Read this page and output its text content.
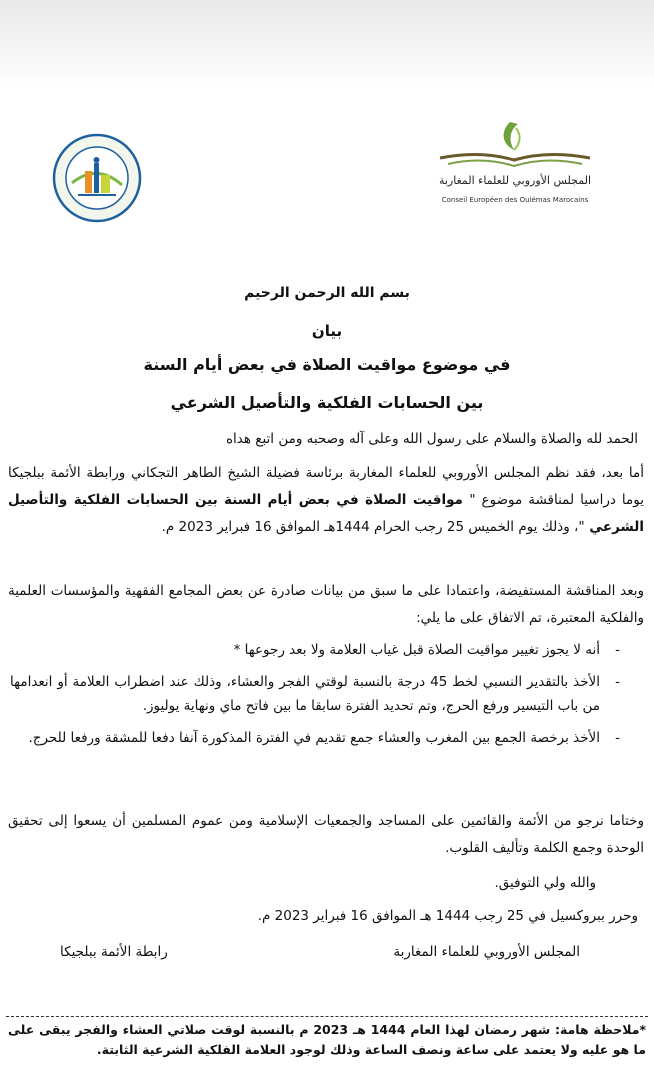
المجلس الأوروبي للعلماء المغاربة
Conseil Européen des Oulémas Marocains
بسم الله الرحمن الرحيم
بيان
في موضوع مواقيت الصلاة في بعض أيام السنة
بين الحسابات الفلكية والتأصيل الشرعي
الحمد لله والصلاة والسلام على رسول الله وعلى آله وصحبه ومن اتبع هداه
أما بعد، فقد نظم المجلس الأوروبي للعلماء المغاربة برئاسة فضيلة الشيخ الطاهر التجكاني ورابطة الأئمة ببلجيكا يوما دراسيا لمناقشة موضوع " مواقيت الصلاة في بعض أيام السنة بين الحسابات الفلكية والتأصيل الشرعي "، وذلك يوم الخميس 25 رجب الحرام 1444هـ الموافق 16 فبراير 2023 م.
وبعد المناقشة المستفيضة، واعتمادا على ما سبق من بيانات صادرة عن بعض المجامع الفقهية والمؤسسات العلمية والفلكية المعتبرة، تم الاتفاق على ما يلي:
- أنه لا يجوز تغيير مواقيت الصلاة قبل غياب العلامة ولا بعد رجوعها *
- الأخذ بالتقدير النسبي لخط 45 درجة بالنسبة لوقتي الفجر والعشاء، وذلك عند اضطراب العلامة أو انعدامها من باب التيسير ورفع الحرج، وتم تحديد الفترة سابقا ما بين فاتح ماي ونهاية يوليوز.
- الأخذ برخصة الجمع بين المغرب والعشاء جمع تقديم في الفترة المذكورة آنفا دفعا للمشقة ورفعا للحرج.
وختاما نرجو من الأئمة والقائمين على المساجد والجمعيات الإسلامية ومن عموم المسلمين أن يسعوا إلى تحقيق الوحدة وجمع الكلمة وتأليف القلوب.
والله ولي التوفيق.
وحرر ببروكسيل في 25 رجب 1444 هـ الموافق 16 فبراير 2023 م.
المجلس الأوروبي للعلماء المغاربة
رابطة الأئمة ببلجيكا
*ملاحظة هامة: شهر رمضان لهذا العام 1444 هـ 2023 م بالنسبة لوقت صلاتي العشاء والفجر يبقى على ما هو عليه ولا يعتمد على ساعة ونصف الساعة وذلك لوجود العلامة الفلكية الشرعية الثابتة.
